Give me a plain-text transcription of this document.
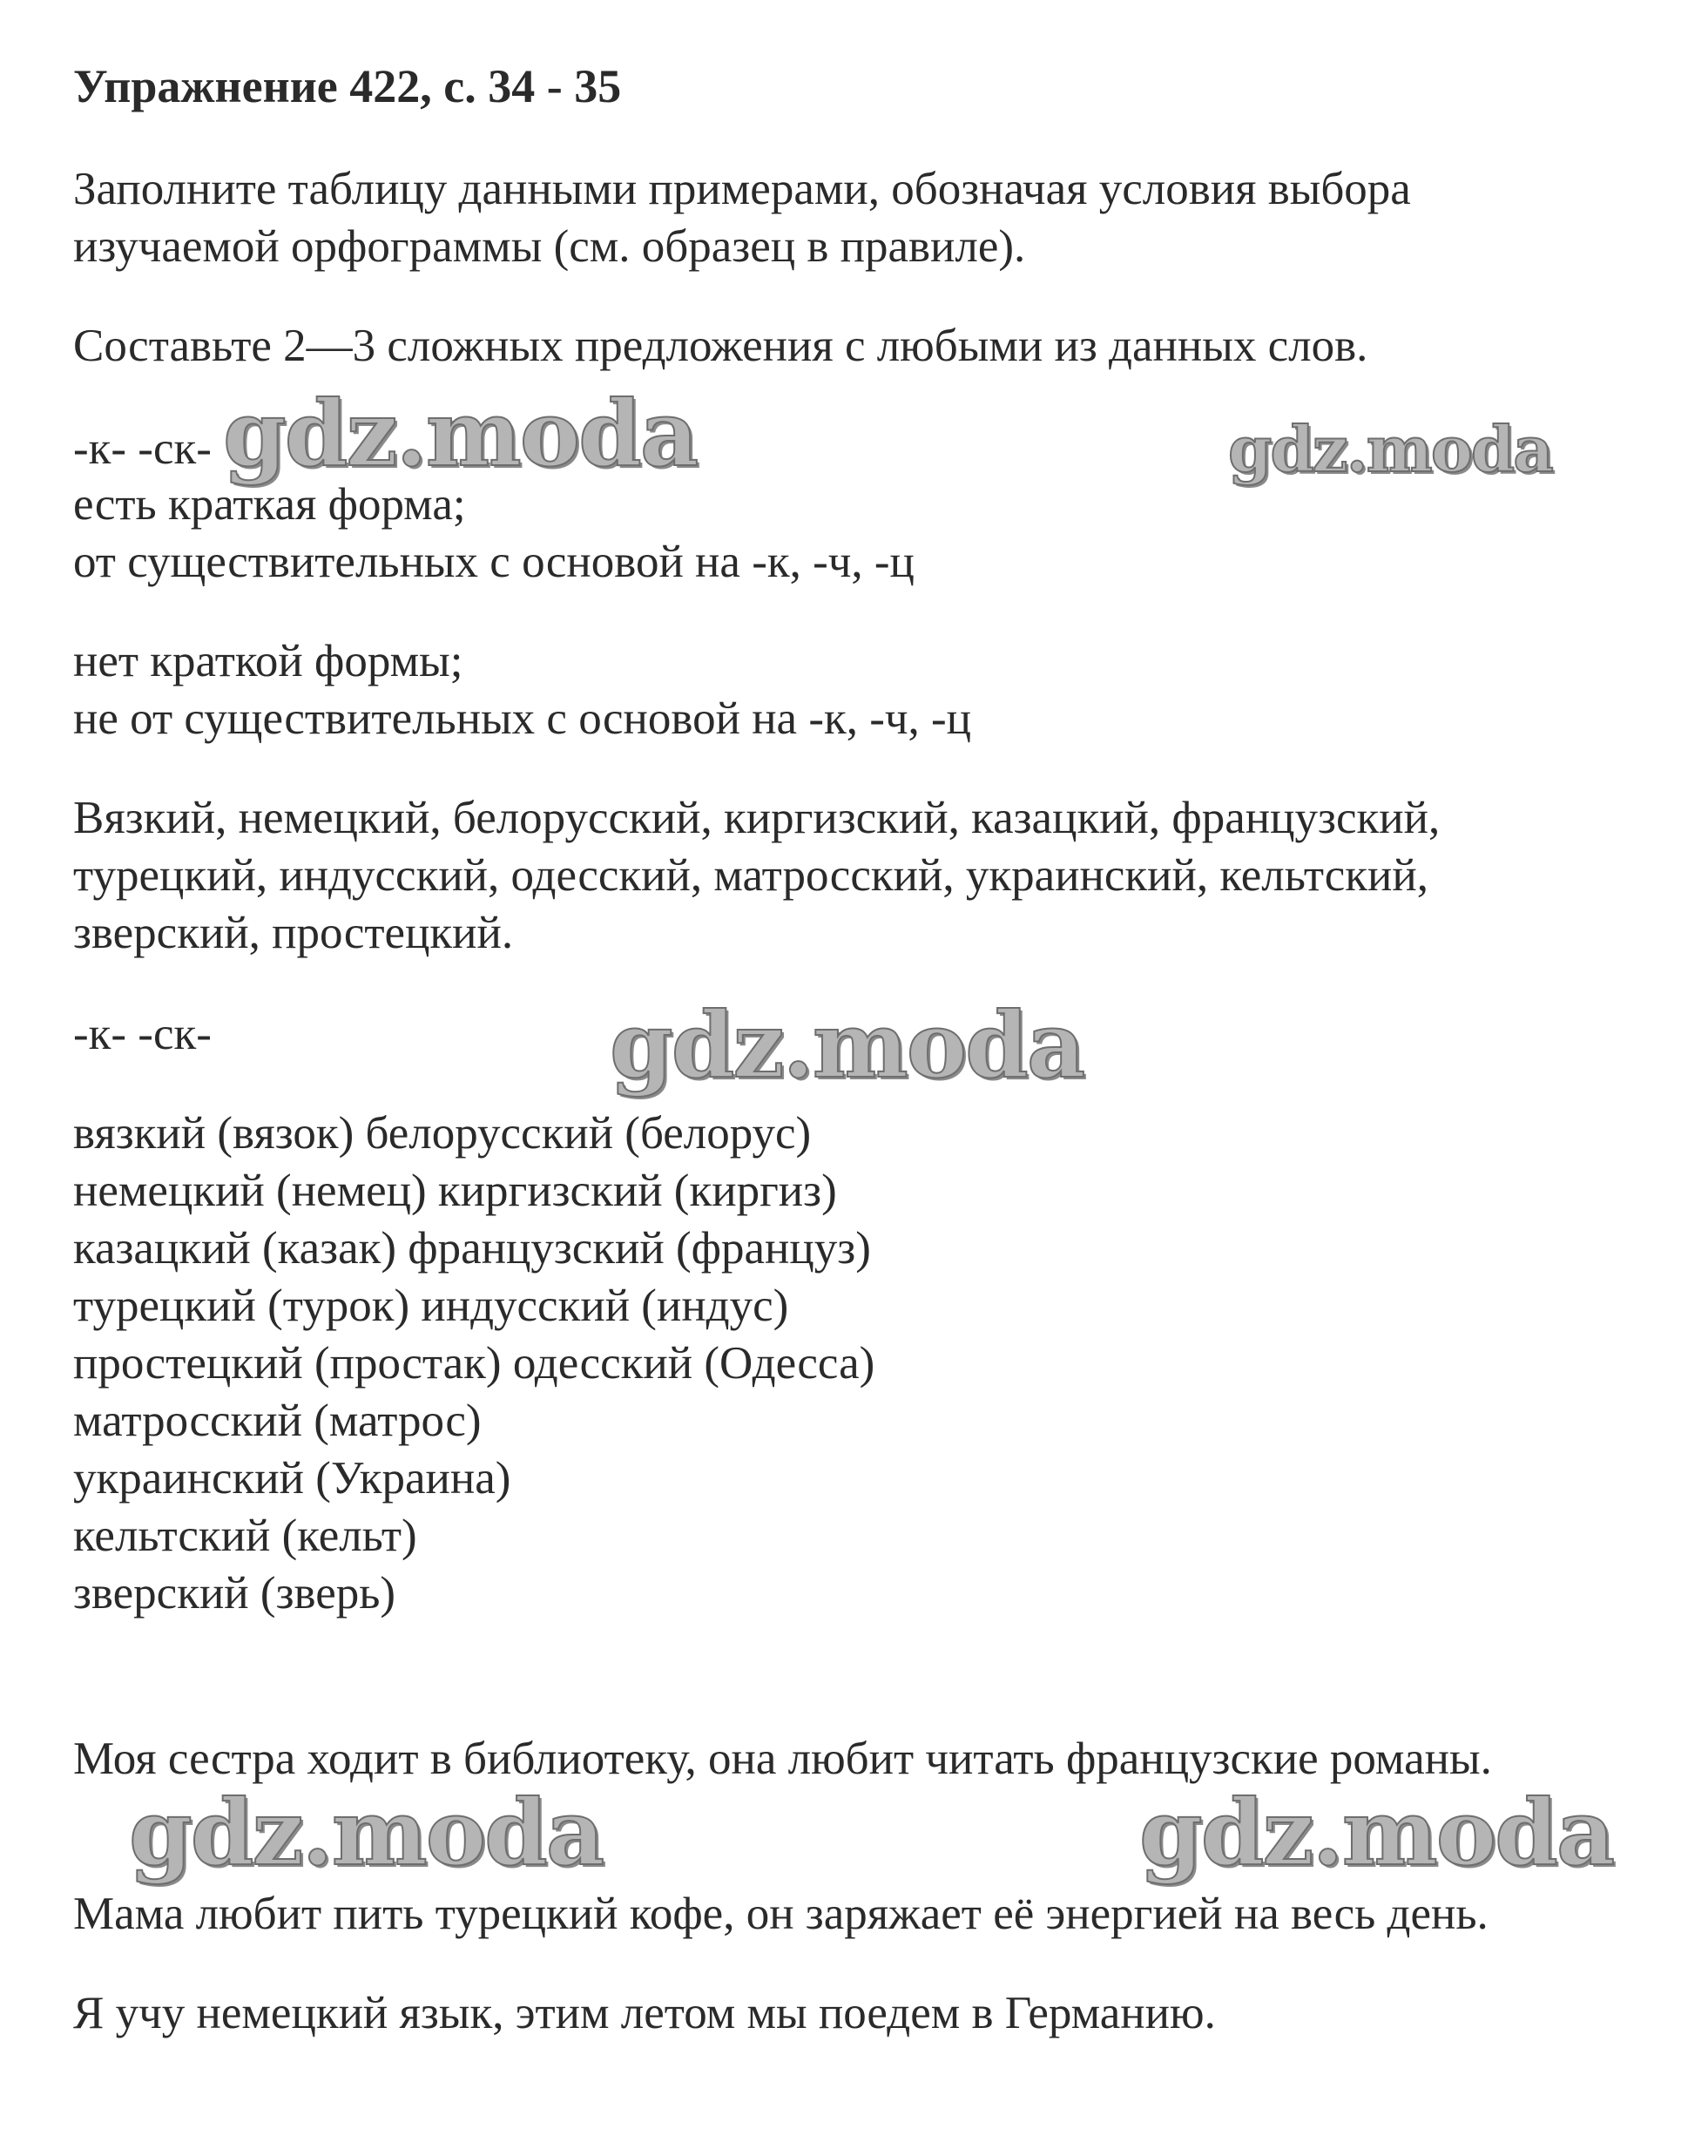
Упражнение 422, с. 34 - 35

Заполните таблицу данными примерами, обозначая условия выбора

изучаемой орфограммы (см. образец в правиле).

Составьте 2—3 сложных предложения с любыми из данных слов.

-к- -ск-

есть краткая форма;

от существительных с основой на -к, -ч, -ц

нет краткой формы;

не от существительных с основой на -к, -ч, -ц

Вязкий, немецкий, белорусский, киргизский, казацкий, французский,

турецкий, индусский, одесский, матросский, украинский, кельтский,

зверский, простецкий.

-к- -ск-

вязкий (вязок) белорусский (белорус)

немецкий (немец) киргизский (киргиз)

казацкий (казак) французский (француз)

турецкий (турок) индусский (индус)

простецкий (простак) одесский (Одесса)

матросский (матрос)

украинский (Украина)

кельтский (кельт)

зверский (зверь)

Моя сестра ходит в библиотеку, она любит читать французские романы.

Мама любит пить турецкий кофе, он заряжает её энергией на весь день.

Я учу немецкий язык, этим летом мы поедем в Германию.

gdz.moda	gdz.moda
gdz.moda
gdz.moda	gdz.moda
